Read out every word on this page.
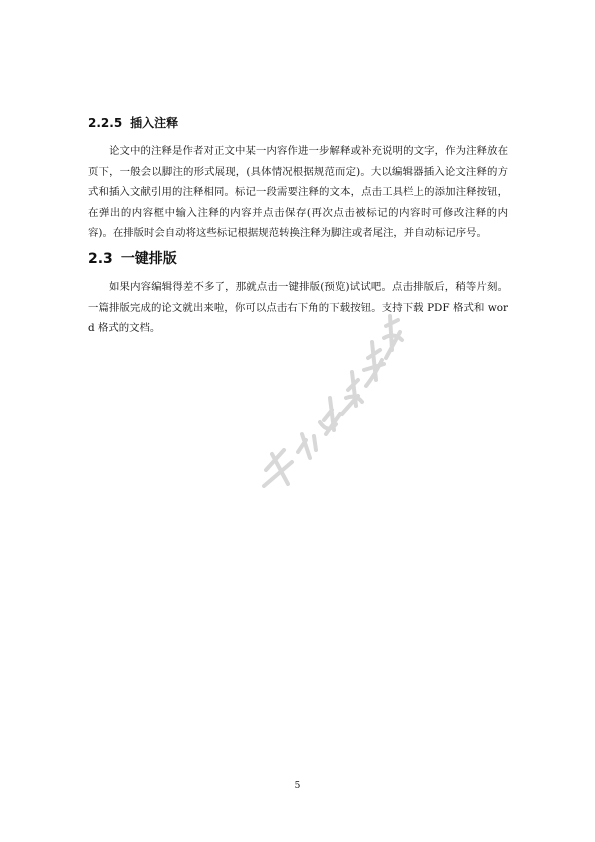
2.2.5 插入注释

论文中的注释是作者对正文中某一内容作进一步解释或补充说明的文字，作为注释放在页下，一般会以脚注的形式展现，(具体情况根据规范而定)。大以编辑器插入论文注释的方式和插入文献引用的注释相同。标记一段需要注释的文本，点击工具栏上的添加注释按钮，在弹出的内容框中输入注释的内容并点击保存(再次点击被标记的内容时可修改注释的内容)。在排版时会自动将这些标记根据规范转换注释为脚注或者尾注，并自动标记序号。

2.3 一键排版

如果内容编辑得差不多了，那就点击一键排版(预览)试试吧。点击排版后，稍等片刻。一篇排版完成的论文就出来啦，你可以点击右下角的下载按钮。支持下载 PDF 格式和 word 格式的文档。

5
